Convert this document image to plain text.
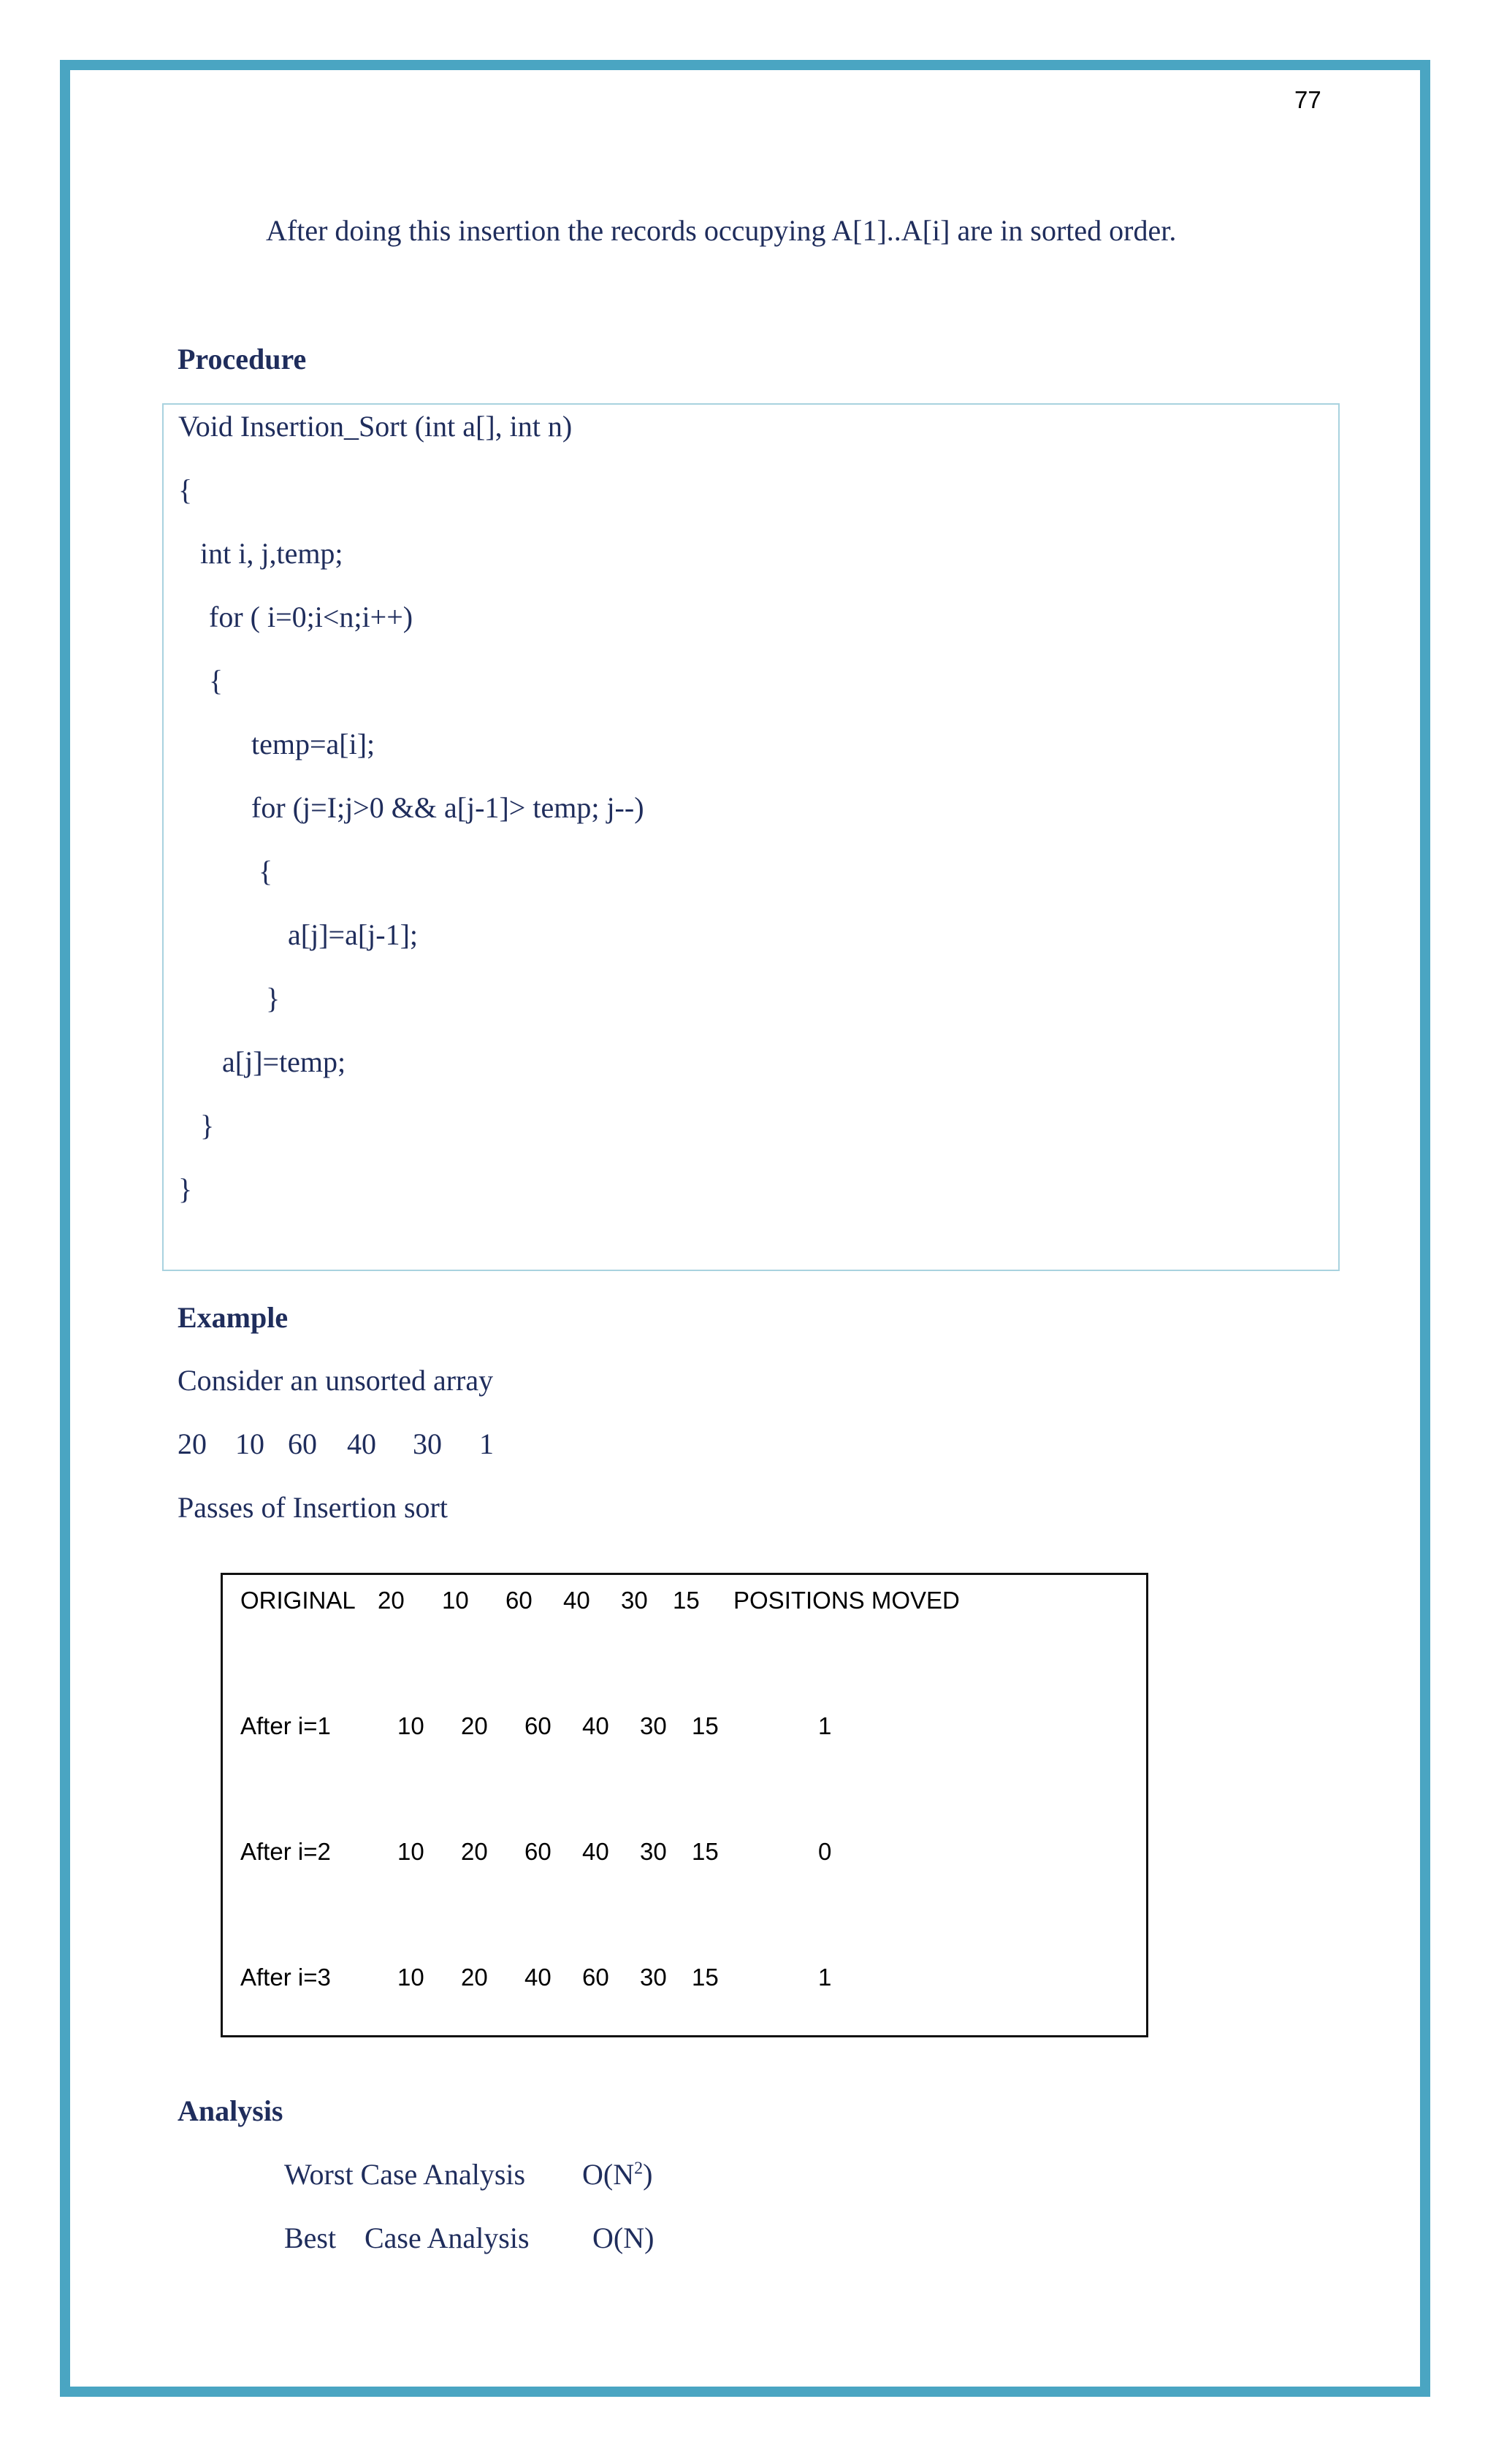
77
After doing this insertion the records occupying A[1]..A[i] are in sorted order.
Procedure
Void Insertion_Sort (int a[], int n)
{
int i, j,temp;
for ( i=0;i<n;i++)
{
temp=a[i];
for (j=I;j>0 && a[j-1]> temp; j--)
{
a[j]=a[j-1];
}
a[j]=temp;
}
}
Example
Consider an unsorted array
20 10 60 40 30 1
Passes of Insertion sort
ORIGINAL 20 10 60 40 30 15 POSITIONS MOVED
After i=1	10 20 60 40 30 15	1
After i=2	10 20 60 40 30 15	0
After i=3	10 20 40 60 30 15	1
Analysis
Worst Case Analysis $O(N^2)$
Best Case Analysis O(N)
